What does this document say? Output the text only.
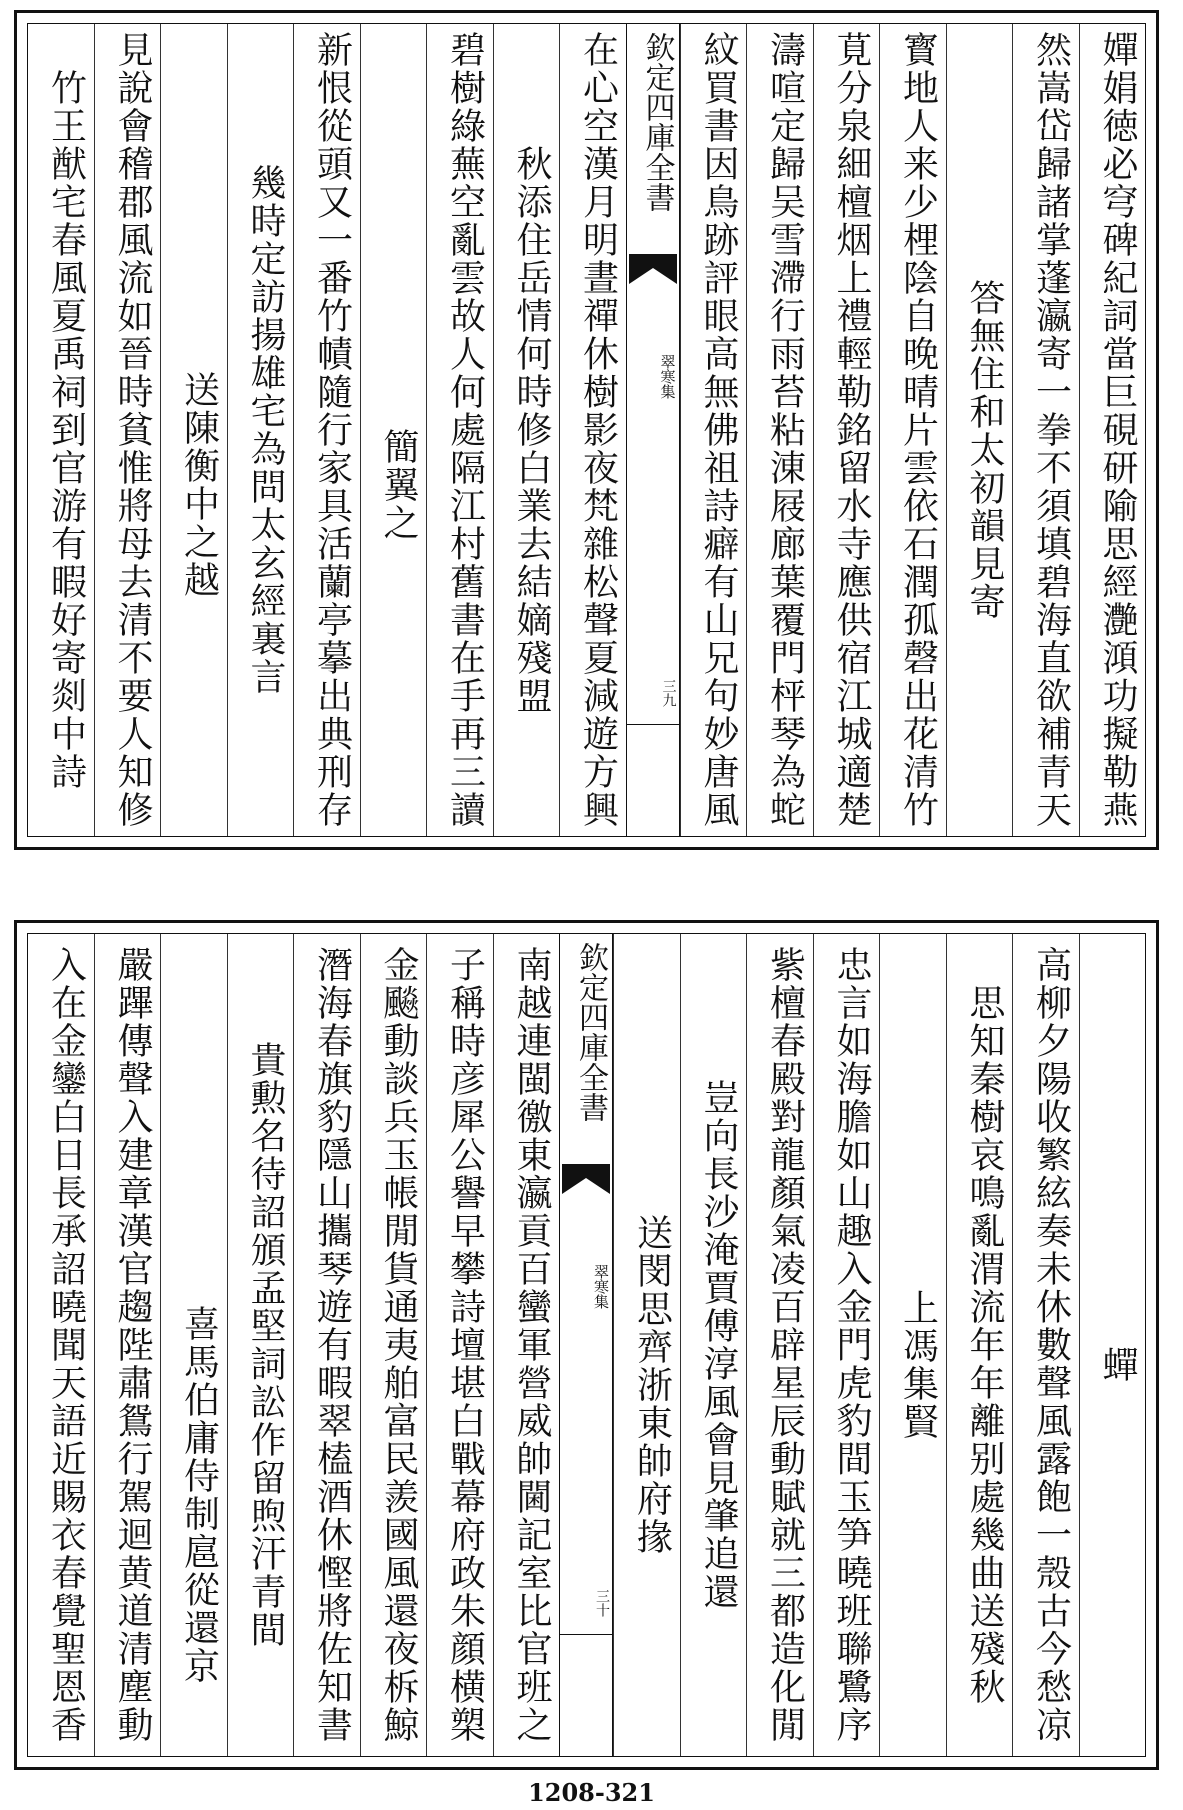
嬋娟徳必穹碑紀詞當巨硯研隃思經灔澒功擬勒燕
然嵩岱歸諸掌蓬瀛寄一拳不須填碧海直欲補青天
答無住和太初韻見寄
寳地人来少梩陰自晚晴片雲依石潤孤磬出花清竹
莧分泉細檀烟上禮輕勒銘留水寺應供宿江城適楚
濤喧定歸吴雪滯行雨苔粘涷屐廊葉覆門枰琴為蛇
紋買書因鳥跡評眼高無佛祖詩癖有山兄句妙唐風
欽定四庫全書
翠寒集
三九
在心空漢月明晝禪休樹影夜梵雜松聲夏減遊方興
秋添住岳情何時修白業去結嫡殘盟
碧樹綠蕪空亂雲故人何處隔江村舊書在手再三讀
簡翼之
新恨從頭又一番竹幘隨行家具活蘭亭摹出典刑存
幾時定訪揚雄宅為問太玄經裏言
送陳衡中之越
見說會稽郡風流如晉時貧惟將母去清不要人知修
竹王猷宅春風夏禹祠到官游有暇好寄剡中詩
蟬
高柳夕陽收繁絃奏未休數聲風露飽一殼古今愁凉
思知秦樹哀鳴亂渭流年年離别處幾曲送殘秋
上馮集賢
忠言如海膽如山趣入金門虎豹間玉笋曉班聯鷺序
紫檀春殿對龍顏氣凌百辟星辰動賦就三都造化閒
豈向長沙淹賈傅淳風會見肇追還
送閔思齊浙東帥府掾
欽定四庫全書
翠寒集
三十
南越連閩徼東瀛貢百蠻軍營威帥閫記室比官班之
子稱時彦犀公譽早攀詩壇堪白戰幕府政朱顔横槊
金飈動談兵玉帳閒貨通夷舶富民羨國風還夜柝鯨
潛海春旗豹隱山攜琴遊有暇翠榼酒休慳將佐知書
貴勲名待詔頒孟堅詞訟作留煦汗青間
喜馬伯庸侍制扈從還京
嚴蹕傳聲入建章漢官趨陛肅鴛行駕迴黄道清塵動
入在金鑾白日長承詔曉聞天語近賜衣春覺聖恩香
1208-321
